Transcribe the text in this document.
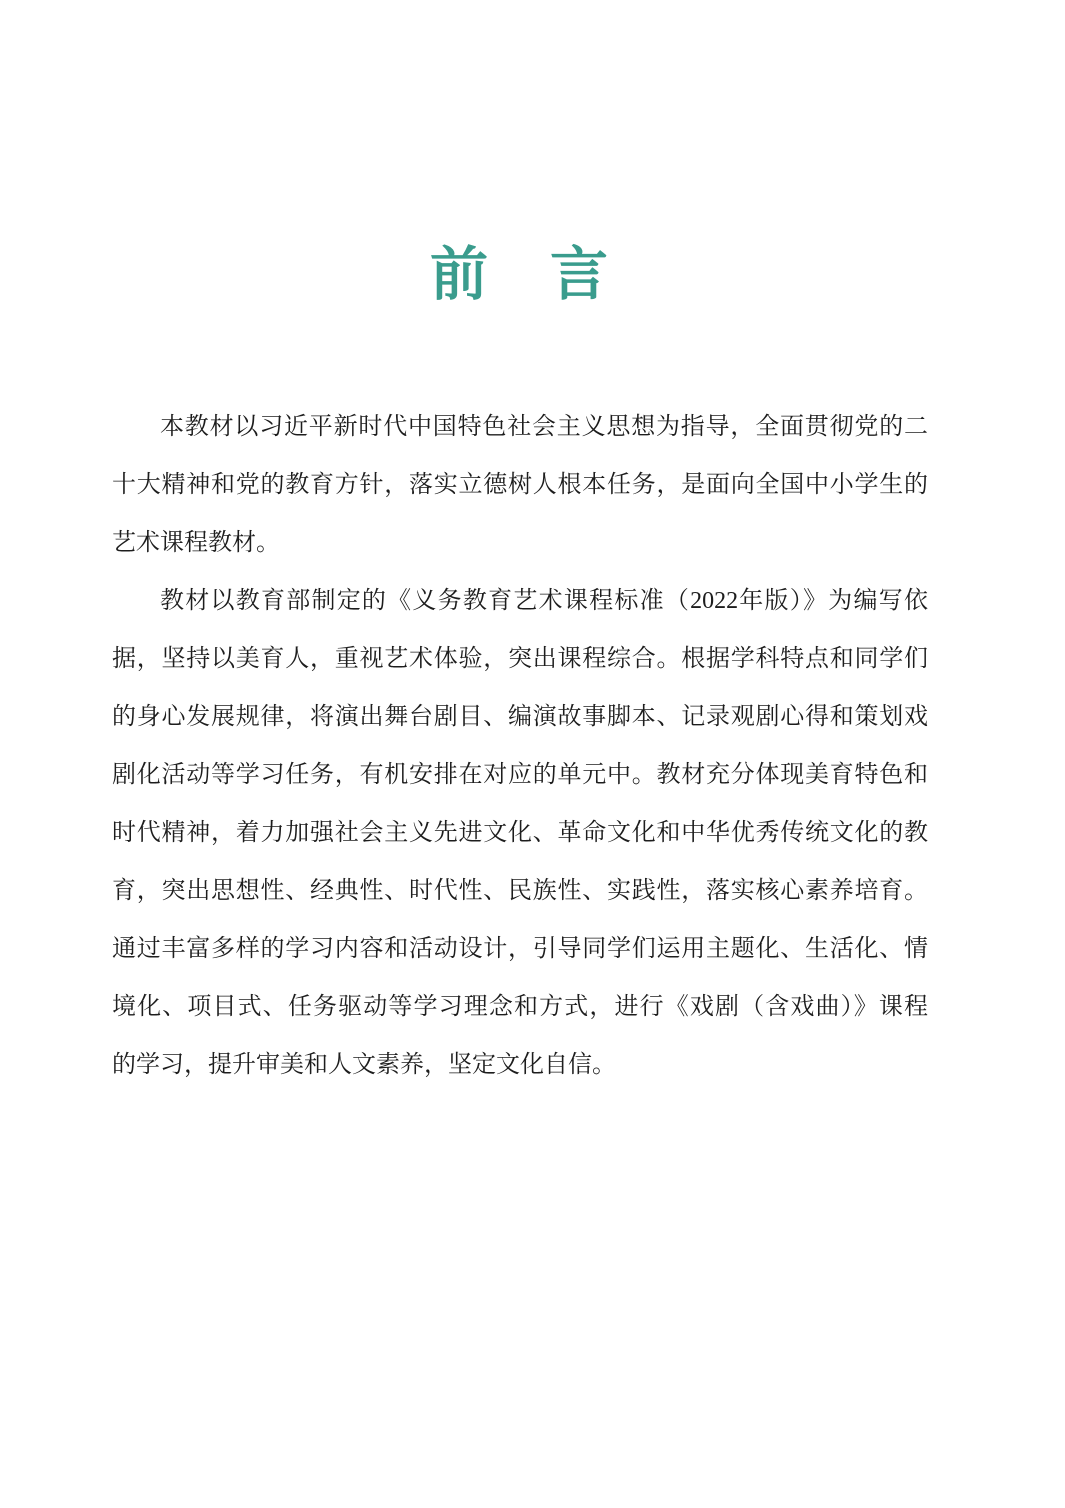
前　言
本教材以习近平新时代中国特色社会主义思想为指导，全面贯彻党的二
十大精神和党的教育方针，落实立德树人根本任务，是面向全国中小学生的
艺术课程教材。
教材以教育部制定的《义务教育艺术课程标准（2022年版）》为编写依
据，坚持以美育人，重视艺术体验，突出课程综合。根据学科特点和同学们
的身心发展规律，将演出舞台剧目、编演故事脚本、记录观剧心得和策划戏
剧化活动等学习任务，有机安排在对应的单元中。教材充分体现美育特色和
时代精神，着力加强社会主义先进文化、革命文化和中华优秀传统文化的教
育，突出思想性、经典性、时代性、民族性、实践性，落实核心素养培育。
通过丰富多样的学习内容和活动设计，引导同学们运用主题化、生活化、情
境化、项目式、任务驱动等学习理念和方式，进行《戏剧（含戏曲）》课程
的学习，提升审美和人文素养，坚定文化自信。
